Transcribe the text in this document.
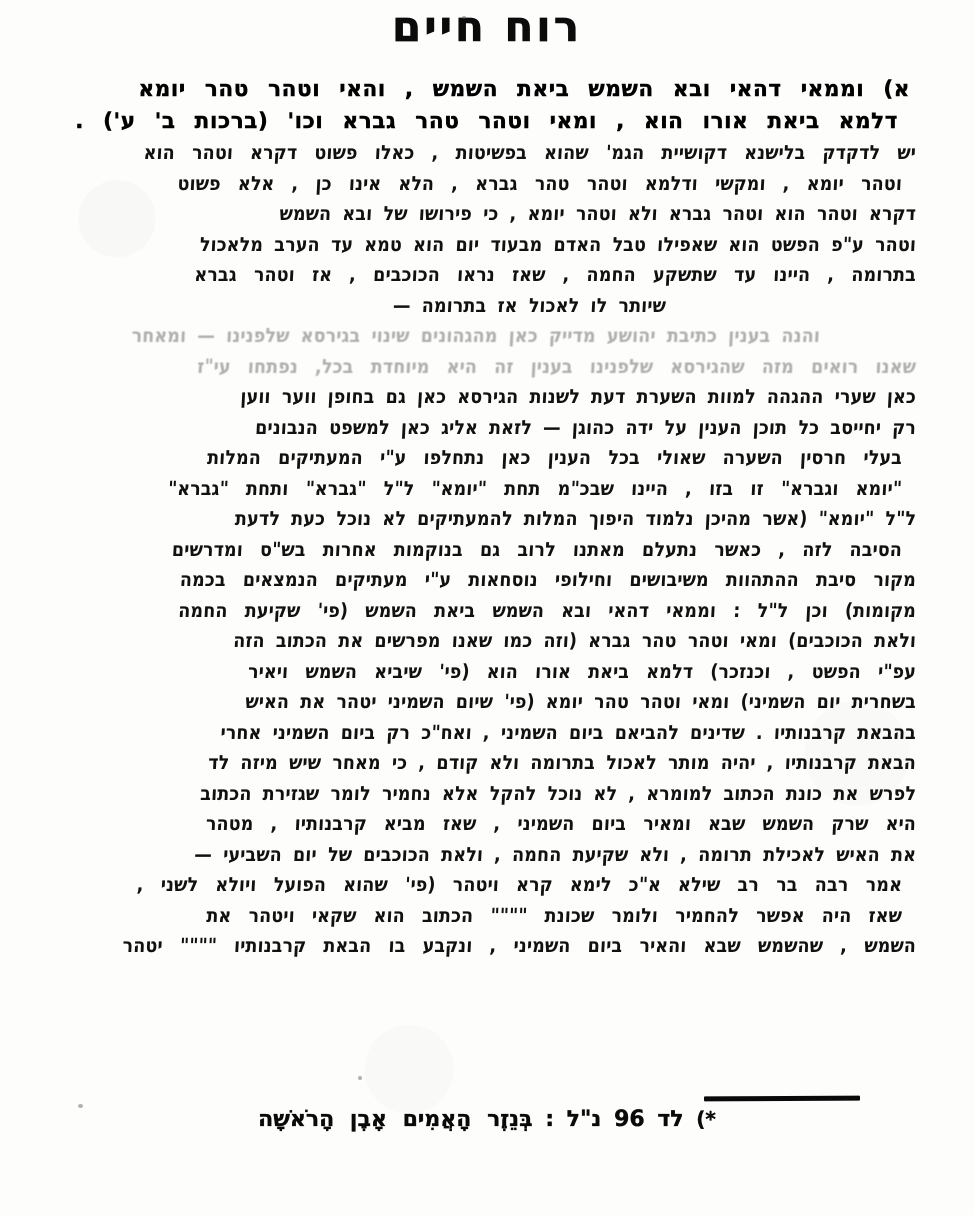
רוח חיים
א) וממאי דהאי ובא השמש ביאת השמש , והאי וטהר טהר יומא
דלמא ביאת אורו הוא , ומאי וטהר טהר גברא וכו' (ברכות ב' ע') .
יש לדקדק בלישנא דקושיית הגמ' שהוא בפשיטות , כאלו פשוט דקרא וטהר הוא
וטהר יומא , ומקשי ודלמא וטהר טהר גברא , הלא אינו כן , אלא פשוט
דקרא וטהר הוא וטהר גברא ולא וטהר יומא , כי פירושו של ובא השמש
וטהר ע"פ הפשט הוא שאפילו טבל האדם מבעוד יום הוא טמא עד הערב מלאכול
בתרומה , היינו עד שתשקע החמה , שאז נראו הכוכבים , אז וטהר גברא
שיותר לו לאכול אז בתרומה —
והנה בענין כתיבת יהושע מדייק כאן מהגהונים שינוי בגירסא שלפנינו — ומאחר
שאנו רואים מזה שהגירסא שלפנינו בענין זה היא מיוחדת בכל, נפתחו עי"ז
כאן שערי ההגהה למוות השערת דעת לשנות הגירסא כאן גם בחופן ווער ווען
רק יחייסב כל תוכן הענין על ידה כהוגן — לזאת אליג כאן למשפט הנבונים
בעלי חרסין השערה שאולי בכל הענין כאן נתחלפו ע"י המעתיקים המלות
"יומא וגברא" זו בזו , היינו שבכ"מ תחת "יומא" ל"ל "גברא" ותחת "גברא"
ל"ל "יומא" (אשר מהיכן נלמוד היפוך המלות להמעתיקים לא נוכל כעת לדעת
הסיבה לזה , כאשר נתעלם מאתנו לרוב גם בנוקמות אחרות בש"ס ומדרשים
מקור סיבת ההתהוות משיבושים וחילופי נוסחאות ע"י מעתיקים הנמצאים בכמה
מקומות) וכן ל"ל : וממאי דהאי ובא השמש ביאת השמש (פי' שקיעת החמה
ולאת הכוכבים) ומאי וטהר טהר גברא (וזה כמו שאנו מפרשים את הכתוב הזה
עפ"י הפשט , וכנזכר) דלמא ביאת אורו הוא (פי' שיביא השמש ויאיר
בשחרית יום השמיני) ומאי וטהר טהר יומא (פי' שיום השמיני יטהר את האיש
בהבאת קרבנותיו . שדינים להביאם ביום השמיני , ואח"כ רק ביום השמיני אחרי
הבאת קרבנותיו , יהיה מותר לאכול בתרומה ולא קודם , כי מאחר שיש מיזה לד
לפרש את כונת הכתוב למומרא , לא נוכל להקל אלא נחמיר לומר שגזירת הכתוב
היא שרק השמש שבא ומאיר ביום השמיני , שאז מביא קרבנותיו , מטהר
את האיש לאכילת תרומה , ולא שקיעת החמה , ולאת הכוכבים של יום השביעי —
אמר רבה בר רב שילא א"כ לימא קרא ויטהר (פי' שהוא הפועל ויולא לשני ,
שאז היה אפשר להחמיר ולומר שכונת """" הכתוב הוא שקאי ויטהר את
השמש , שהשמש שבא והאיר ביום השמיני , ונקבע בו הבאת קרבנותיו """" יטהר
*) לד 96 נ"ל : בְּנֵזֶר הָאֲמִים אָבֶן הָרֹאשָׁה
